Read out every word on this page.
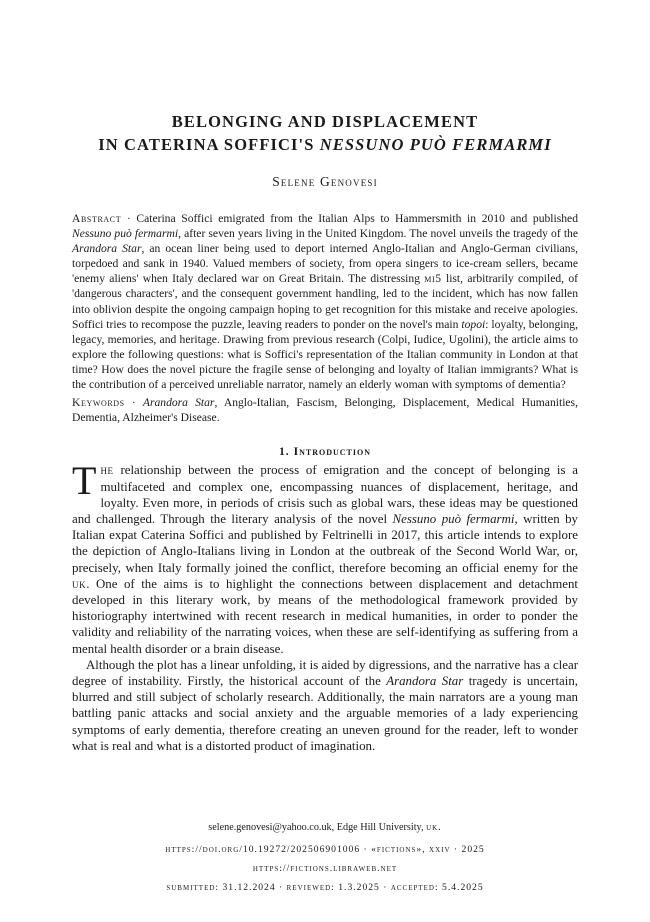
BELONGING AND DISPLACEMENT
IN CATERINA SOFFICI'S NESSUNO PUÒ FERMARMI

Selene Genovesi

Abstract · Caterina Soffici emigrated from the Italian Alps to Hammersmith in 2010 and published Nessuno può fermarmi, after seven years living in the United Kingdom. The novel unveils the tragedy of the Arandora Star, an ocean liner being used to deport interned Anglo-Italian and Anglo-German civilians, torpedoed and sank in 1940. Valued members of society, from opera singers to ice-cream sellers, became 'enemy aliens' when Italy declared war on Great Britain. The distressing mi5 list, arbitrarily compiled, of 'dangerous characters', and the consequent government handling, led to the incident, which has now fallen into oblivion despite the ongoing campaign hoping to get recognition for this mistake and receive apologies. Soffici tries to recompose the puzzle, leaving readers to ponder on the novel's main topoi: loyalty, belonging, legacy, memories, and heritage. Drawing from previous research (Colpi, Iudice, Ugolini), the article aims to explore the following questions: what is Soffici's representation of the Italian community in London at that time? How does the novel picture the fragile sense of belonging and loyalty of Italian immigrants? What is the contribution of a perceived unreliable narrator, namely an elderly woman with symptoms of dementia?

Keywords · Arandora Star, Anglo-Italian, Fascism, Belonging, Displacement, Medical Humanities, Dementia, Alzheimer's Disease.

1. Introduction

The relationship between the process of emigration and the concept of belonging is a multifaceted and complex one, encompassing nuances of displacement, heritage, and loyalty. Even more, in periods of crisis such as global wars, these ideas may be questioned and challenged. Through the literary analysis of the novel Nessuno può fermarmi, written by Italian expat Caterina Soffici and published by Feltrinelli in 2017, this article intends to explore the depiction of Anglo-Italians living in London at the outbreak of the Second World War, or, precisely, when Italy formally joined the conflict, therefore becoming an official enemy for the uk. One of the aims is to highlight the connections between displacement and detachment developed in this literary work, by means of the methodological framework provided by historiography intertwined with recent research in medical humanities, in order to ponder the validity and reliability of the narrating voices, when these are self-identifying as suffering from a mental health disorder or a brain disease.

Although the plot has a linear unfolding, it is aided by digressions, and the narrative has a clear degree of instability. Firstly, the historical account of the Arandora Star tragedy is uncertain, blurred and still subject of scholarly research. Additionally, the main narrators are a young man battling panic attacks and social anxiety and the arguable memories of a lady experiencing symptoms of early dementia, therefore creating an uneven ground for the reader, left to wonder what is real and what is a distorted product of imagination.

selene.genovesi@yahoo.co.uk, Edge Hill University, uk.
https://doi.org/10.19272/202506901006 · «fictions», xxiv · 2025
https://fictions.libraweb.net
submitted: 31.12.2024 · reviewed: 1.3.2025 · accepted: 5.4.2025
